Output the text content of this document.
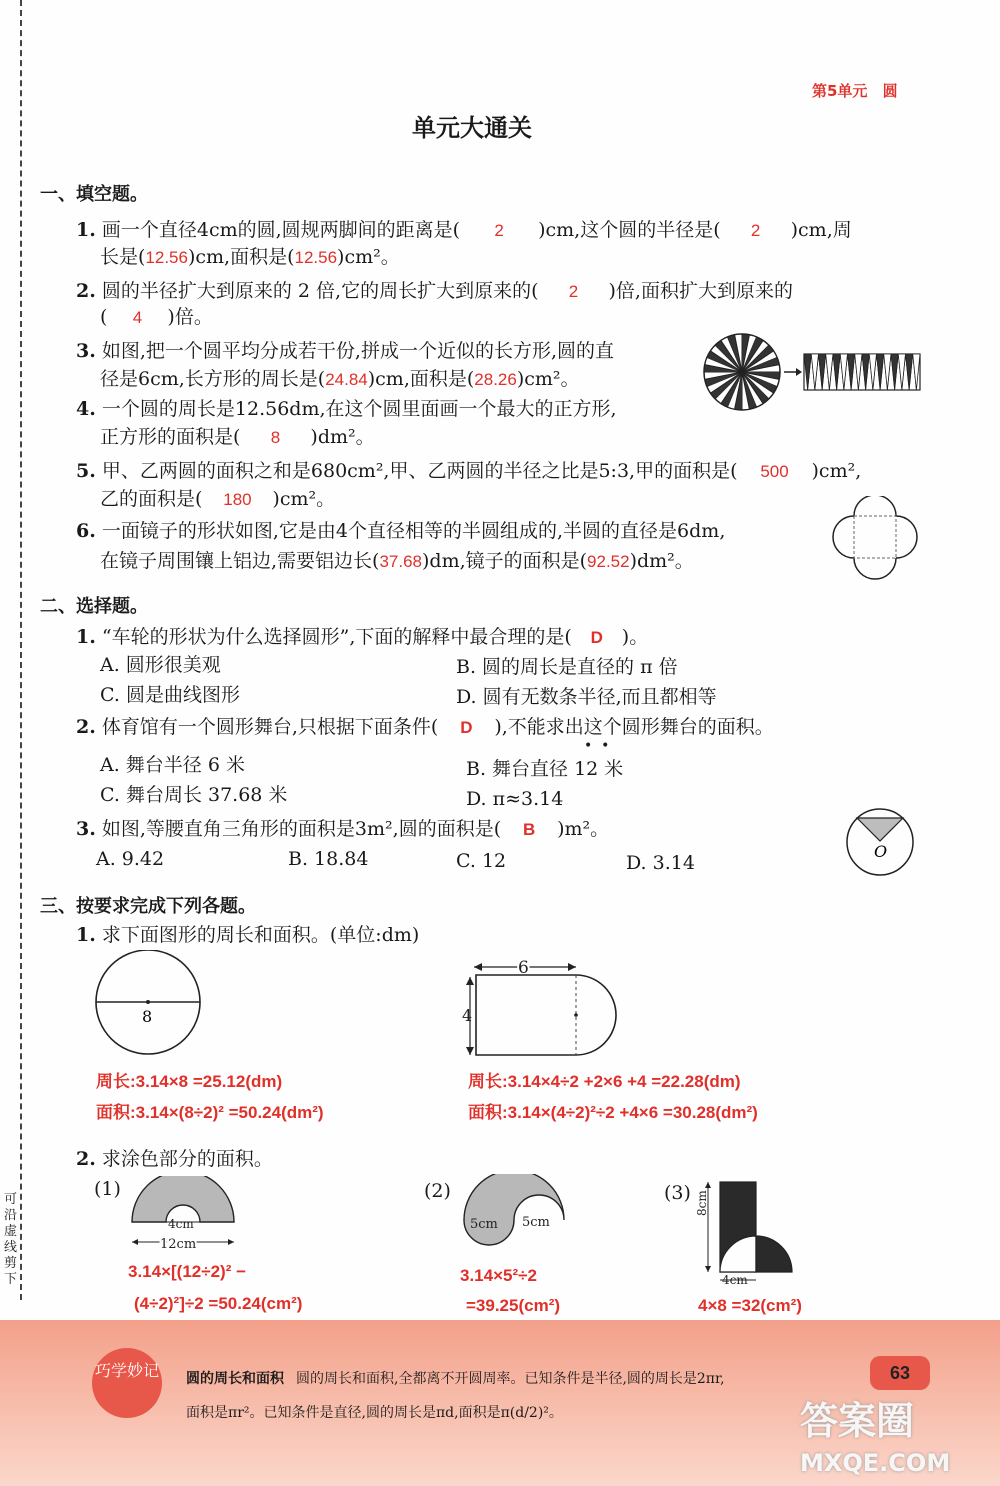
可沿虚线剪下
第5单元 圆
单元大通关
一、填空题。
1. 画一个直径4cm的圆,圆规两脚间的距离是( 2 )cm,这个圆的半径是( 2 )cm,周
长是(12.56)cm,面积是(12.56)cm²。
2. 圆的半径扩大到原来的 2 倍,它的周长扩大到原来的( 2 )倍,面积扩大到原来的
( 4 )倍。
3. 如图,把一个圆平均分成若干份,拼成一个近似的长方形,圆的直
径是6cm,长方形的周长是(24.84)cm,面积是(28.26)cm²。
4. 一个圆的周长是12.56dm,在这个圆里面画一个最大的正方形,
正方形的面积是( 8 )dm²。
5. 甲、乙两圆的面积之和是680cm²,甲、乙两圆的半径之比是5:3,甲的面积是( 500 )cm²,
乙的面积是( 180 )cm²。
6. 一面镜子的形状如图,它是由4个直径相等的半圆组成的,半圆的直径是6dm,
在镜子周围镶上铝边,需要铝边长(37.68)dm,镜子的面积是(92.52)dm²。
二、选择题。
1. “车轮的形状为什么选择圆形”,下面的解释中最合理的是( D )。
A. 圆形很美观	B. 圆的周长是直径的 π 倍
C. 圆是曲线图形	D. 圆有无数条半径,而且都相等
2. 体育馆有一个圆形舞台,只根据下面条件( D ),不能求出这个圆形舞台的面积。
•  •
A. 舞台半径 6 米	B. 舞台直径 12 米
C. 舞台周长 37.68 米	D. π≈3.14
3. 如图,等腰直角三角形的面积是3m²,圆的面积是( B )m²。
A. 9.42	B. 18.84	C. 12	D. 3.14
O
三、按要求完成下列各题。
1. 求下面图形的周长和面积。(单位:dm)
8
6
4
周长:3.14×8 =25.12(dm)
面积:3.14×(8÷2)² =50.24(dm²)
周长:3.14×4÷2 +2×6 +4 =22.28(dm)
面积:3.14×(4÷2)²÷2 +4×6 =30.28(dm²)
2. 求涂色部分的面积。
(1)
4cm
12cm
3.14×[(12÷2)² −
(4÷2)²]÷2 =50.24(cm²)
(2)
5cm 5cm
3.14×5²÷2
=39.25(cm²)
(3) 8cm
4cm
4×8 =32(cm²)
巧学妙记 圆的周长和面积 圆的周长和面积,全都离不开圆周率。已知条件是半径,圆的周长是2πr,
面积是πr²。已知条件是直径,圆的周长是πd,面积是π(d/2)²。
63
答案圈
MXQE.COM
